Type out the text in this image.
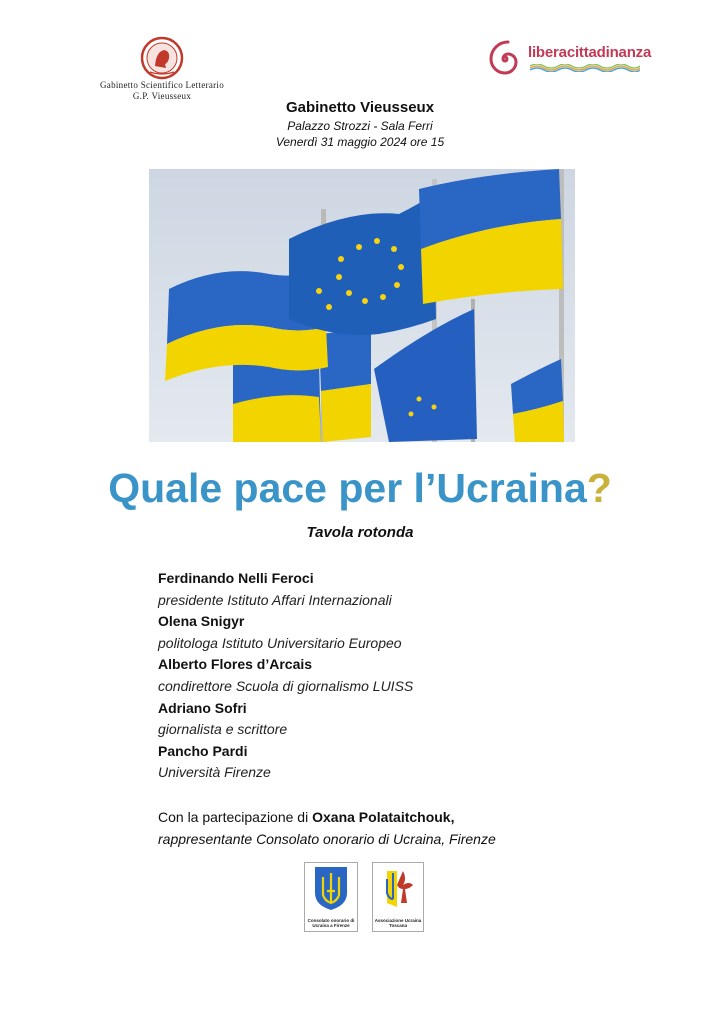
Gabinetto Scientifico Letterario
G.P. Vieusseux
liberacittadinanza
Gabinetto Vieusseux
Palazzo Strozzi - Sala Ferri
Venerdì 31 maggio 2024 ore 15
Quale pace per l’Ucraina?
Tavola rotonda
Ferdinando Nelli Feroci
presidente Istituto Affari Internazionali
Olena Snigyr
politologa Istituto Universitario Europeo
Alberto Flores d’Arcais
condirettore Scuola di giornalismo LUISS
Adriano Sofri
giornalista e scrittore
Pancho Pardi
Università Firenze
Con la partecipazione di Oxana Polataitchouk,
rappresentante Consolato onorario di Ucraina, Firenze
Consolato onorario di Ucraina a Firenze
Associazione Ucraina Toscana
